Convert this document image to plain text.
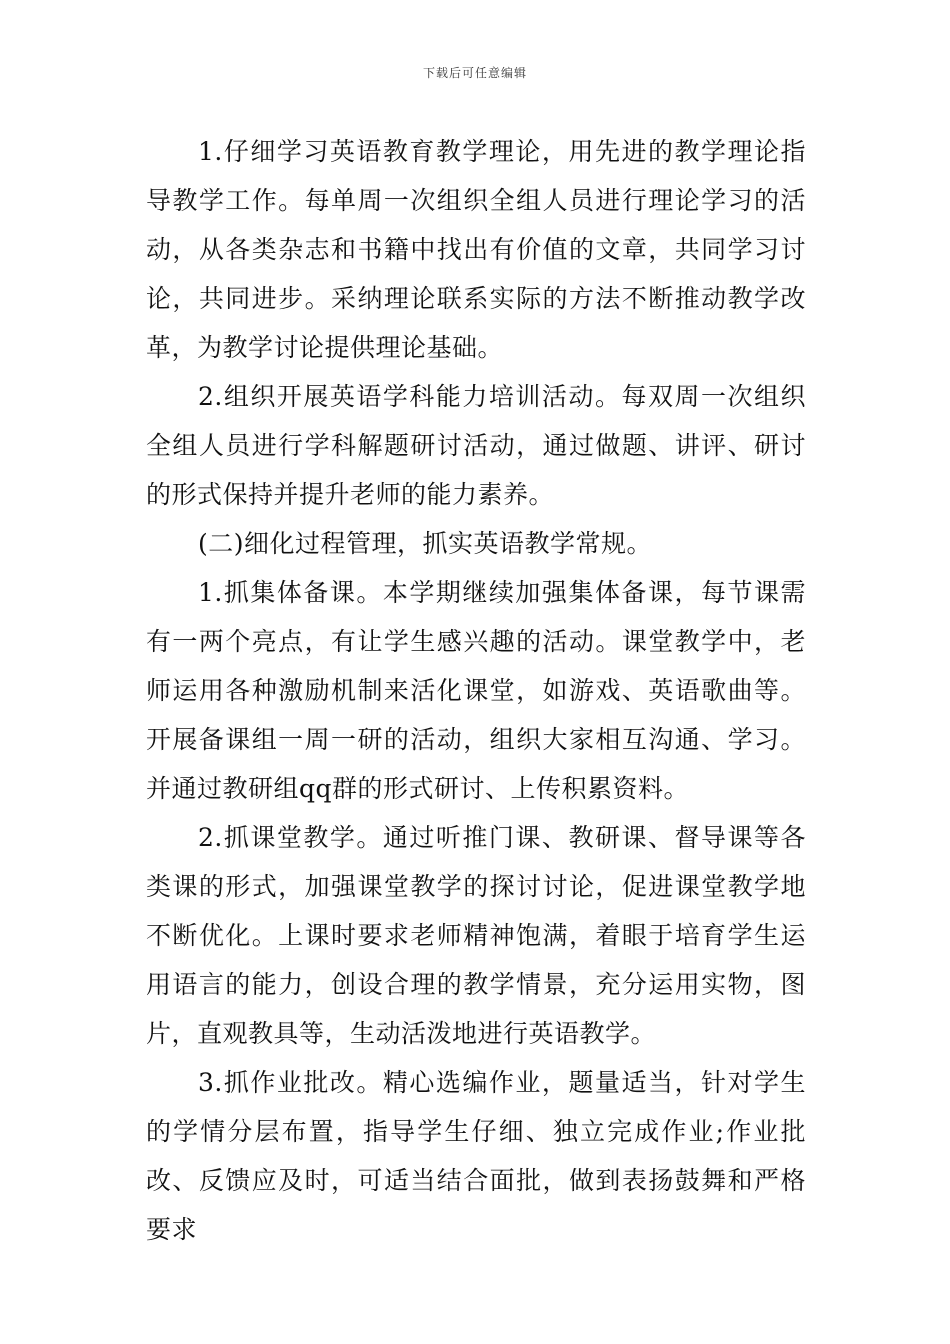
下载后可任意编辑

1.仔细学习英语教育教学理论，用先进的教学理论指导教学工作。每单周一次组织全组人员进行理论学习的活动，从各类杂志和书籍中找出有价值的文章，共同学习讨论，共同进步。采纳理论联系实际的方法不断推动教学改革，为教学讨论提供理论基础。

2.组织开展英语学科能力培训活动。每双周一次组织全组人员进行学科解题研讨活动，通过做题、讲评、研讨的形式保持并提升老师的能力素养。

(二)细化过程管理，抓实英语教学常规。

1.抓集体备课。本学期继续加强集体备课，每节课需有一两个亮点，有让学生感兴趣的活动。课堂教学中，老师运用各种激励机制来活化课堂，如游戏、英语歌曲等。开展备课组一周一研的活动，组织大家相互沟通、学习。并通过教研组qq群的形式研讨、上传积累资料。

2.抓课堂教学。通过听推门课、教研课、督导课等各类课的形式，加强课堂教学的探讨讨论，促进课堂教学地不断优化。上课时要求老师精神饱满，着眼于培育学生运用语言的能力，创设合理的教学情景，充分运用实物，图片，直观教具等，生动活泼地进行英语教学。

3.抓作业批改。精心选编作业，题量适当，针对学生的学情分层布置，指导学生仔细、独立完成作业;作业批改、反馈应及时，可适当结合面批，做到表扬鼓舞和严格要求
